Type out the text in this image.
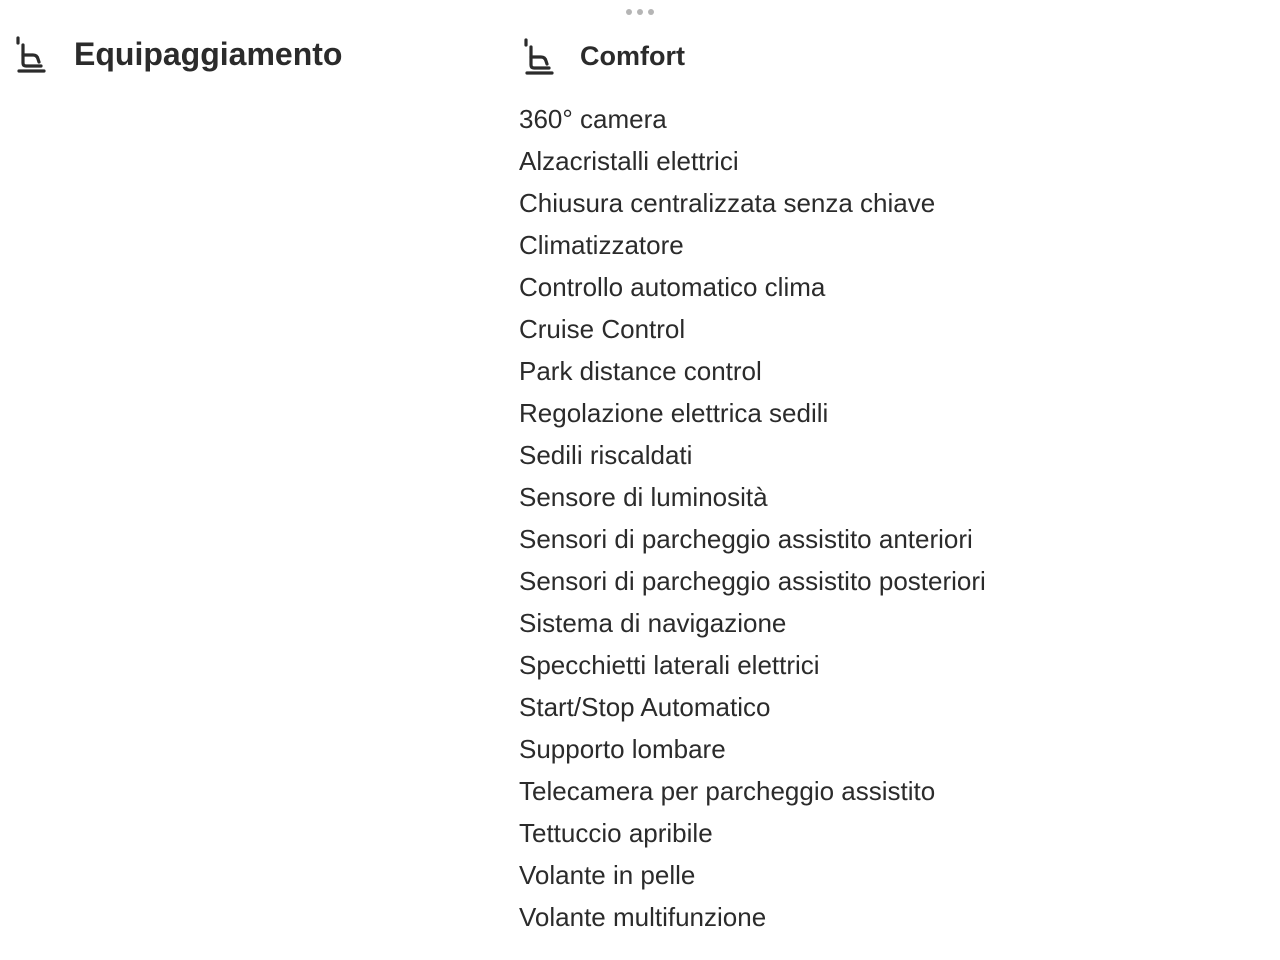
Equipaggiamento	Comfort
360° camera
Alzacristalli elettrici
Chiusura centralizzata senza chiave
Climatizzatore
Controllo automatico clima
Cruise Control
Park distance control
Regolazione elettrica sedili
Sedili riscaldati
Sensore di luminosità
Sensori di parcheggio assistito anteriori
Sensori di parcheggio assistito posteriori
Sistema di navigazione
Specchietti laterali elettrici
Start/Stop Automatico
Supporto lombare
Telecamera per parcheggio assistito
Tettuccio apribile
Volante in pelle
Volante multifunzione
